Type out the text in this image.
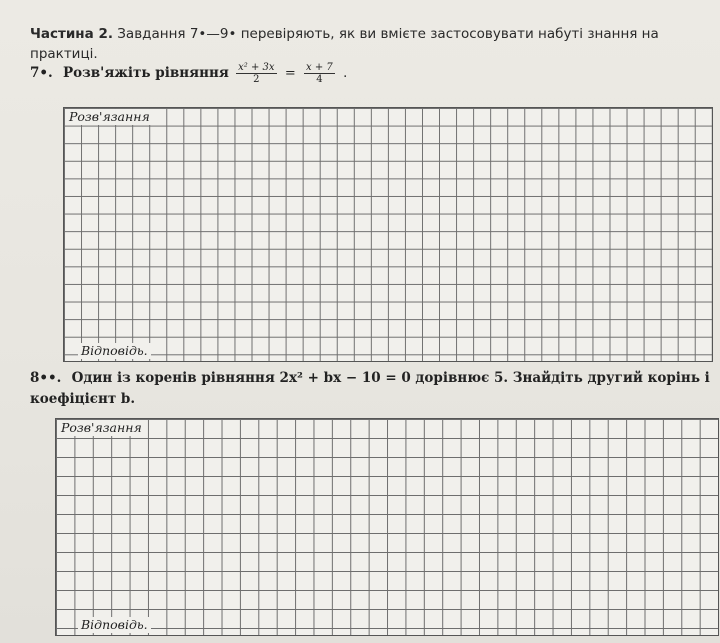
Частина 2. Завдання 7•—9• перевіряють, як ви вмієте застосовувати набуті знання на практиці.
7•. Розв'яжіть рівняння $\frac{\text{x² + 3x}}{2} = \frac{x + 7}{4}$ .
Розв'язання
Відповідь.
8••. Один із коренів рівняння 2x² + bx − 10 = 0 дорівнює 5. Знайдіть другий корінь і коефіцієнт b.
Розв'язання
Відповідь.
